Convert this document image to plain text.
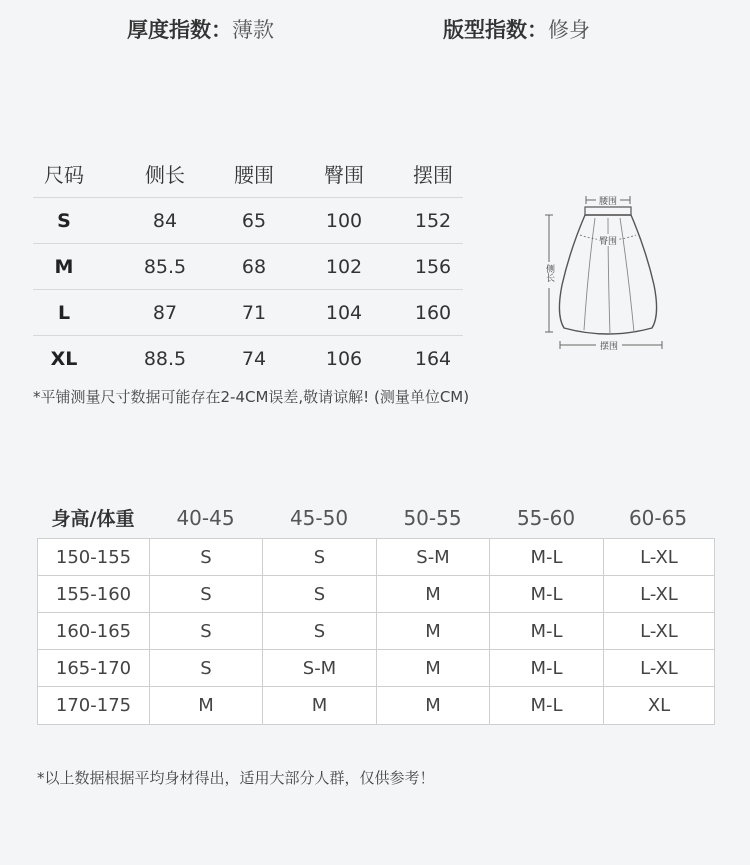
厚度指数：薄款	版型指数：修身
尺码	侧长	腰围	臀围	摆围
S	84	65	100	152
M	85.5	68	102	156
L	87	71	104	160
XL	88.5	74	106	164
*平铺测量尺寸数据可能存在2-4CM误差,敬请谅解! (测量单位CM)
腰围
臀围
侧长
摆围
身高/体重	40-45	45-50	50-55	55-60	60-65
150-155	S	S	S-M	M-L	L-XL
155-160	S	S	M	M-L	L-XL
160-165	S	S	M	M-L	L-XL
165-170	S	S-M	M	M-L	L-XL
170-175	M	M	M	M-L	XL
*以上数据根据平均身材得出，适用大部分人群，仅供参考！
